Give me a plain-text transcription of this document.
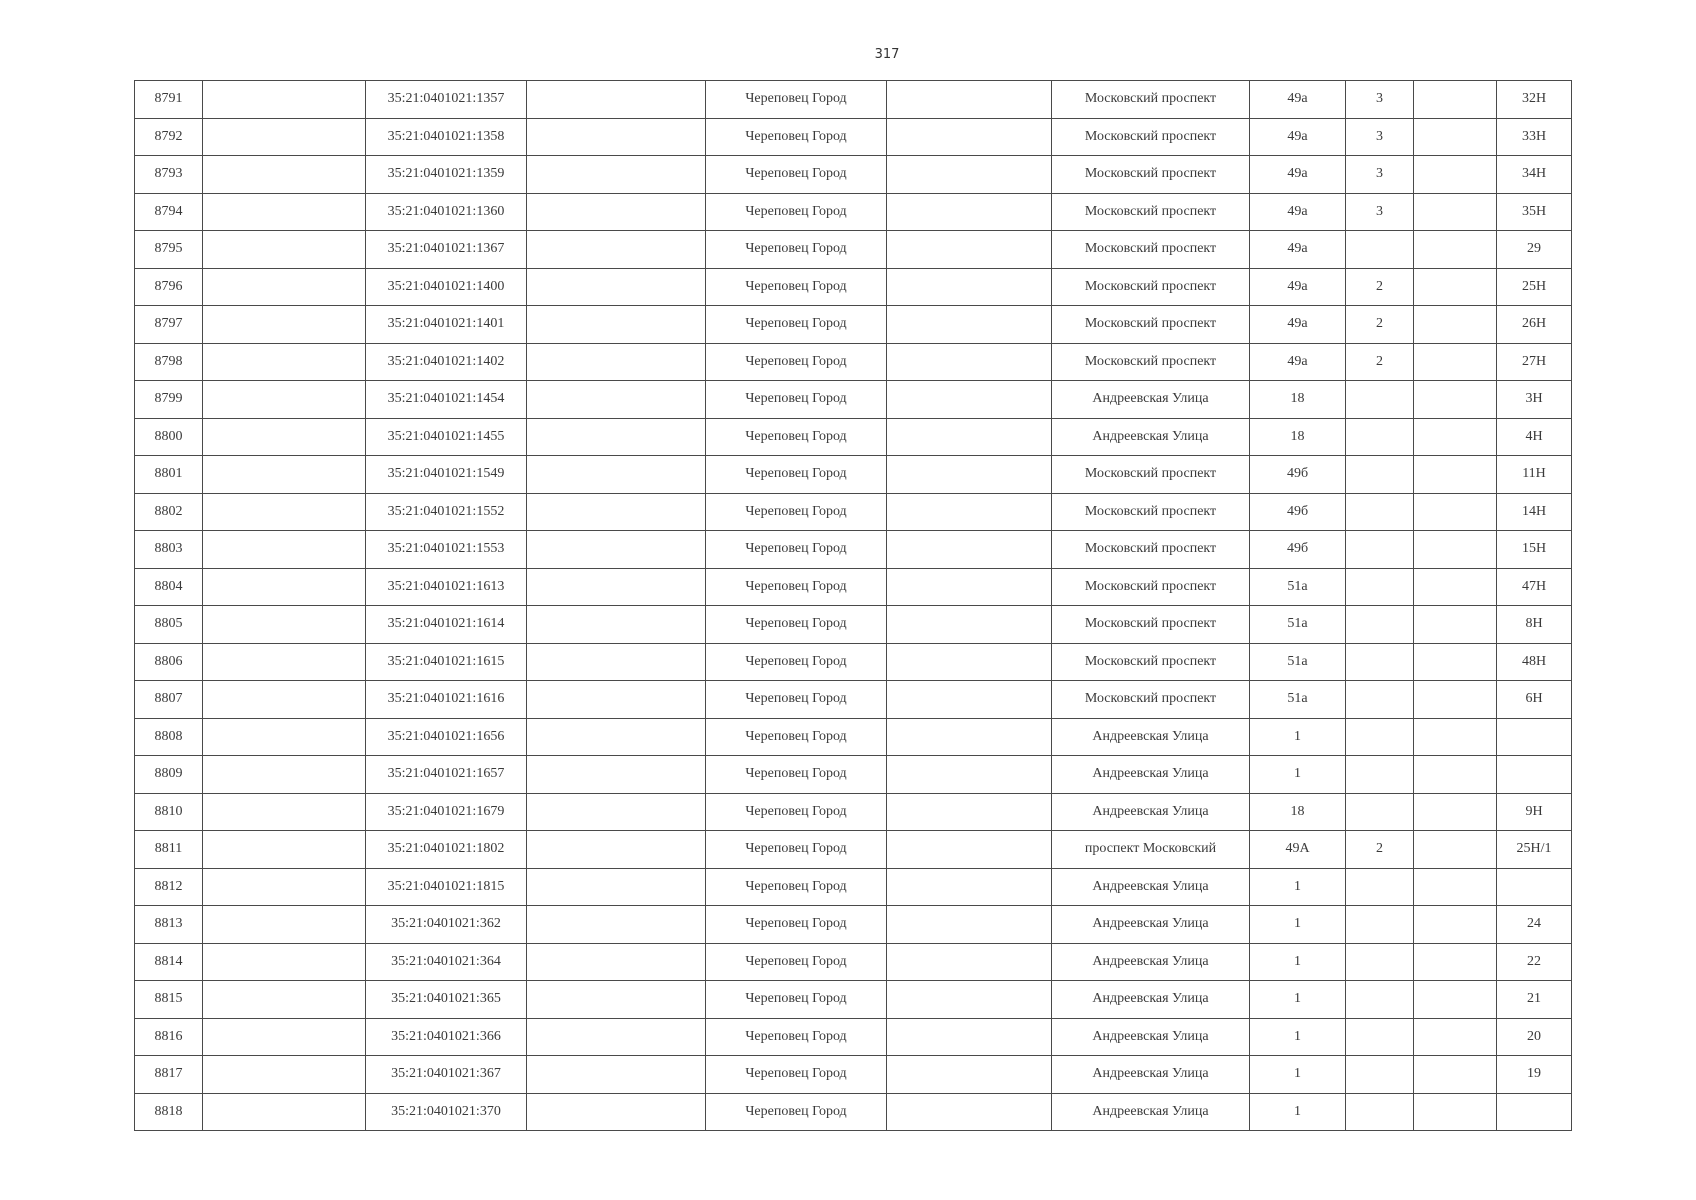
317
8791		35:21:0401021:1357		Череповец Город		Московский проспект	49а	3		32Н
8792		35:21:0401021:1358		Череповец Город		Московский проспект	49а	3		33Н
8793		35:21:0401021:1359		Череповец Город		Московский проспект	49а	3		34Н
8794		35:21:0401021:1360		Череповец Город		Московский проспект	49а	3		35Н
8795		35:21:0401021:1367		Череповец Город		Московский проспект	49а			29
8796		35:21:0401021:1400		Череповец Город		Московский проспект	49а	2		25Н
8797		35:21:0401021:1401		Череповец Город		Московский проспект	49а	2		26Н
8798		35:21:0401021:1402		Череповец Город		Московский проспект	49а	2		27Н
8799		35:21:0401021:1454		Череповец Город		Андреевская Улица	18			3Н
8800		35:21:0401021:1455		Череповец Город		Андреевская Улица	18			4Н
8801		35:21:0401021:1549		Череповец Город		Московский проспект	49б			11Н
8802		35:21:0401021:1552		Череповец Город		Московский проспект	49б			14Н
8803		35:21:0401021:1553		Череповец Город		Московский проспект	49б			15Н
8804		35:21:0401021:1613		Череповец Город		Московский проспект	51а			47Н
8805		35:21:0401021:1614		Череповец Город		Московский проспект	51а			8Н
8806		35:21:0401021:1615		Череповец Город		Московский проспект	51а			48Н
8807		35:21:0401021:1616		Череповец Город		Московский проспект	51а			6Н
8808		35:21:0401021:1656		Череповец Город		Андреевская Улица	1			
8809		35:21:0401021:1657		Череповец Город		Андреевская Улица	1			
8810		35:21:0401021:1679		Череповец Город		Андреевская Улица	18			9Н
8811		35:21:0401021:1802		Череповец Город		проспект Московский	49А	2		25Н/1
8812		35:21:0401021:1815		Череповец Город		Андреевская Улица	1			
8813		35:21:0401021:362		Череповец Город		Андреевская Улица	1			24
8814		35:21:0401021:364		Череповец Город		Андреевская Улица	1			22
8815		35:21:0401021:365		Череповец Город		Андреевская Улица	1			21
8816		35:21:0401021:366		Череповец Город		Андреевская Улица	1			20
8817		35:21:0401021:367		Череповец Город		Андреевская Улица	1			19
8818		35:21:0401021:370		Череповец Город		Андреевская Улица	1			
